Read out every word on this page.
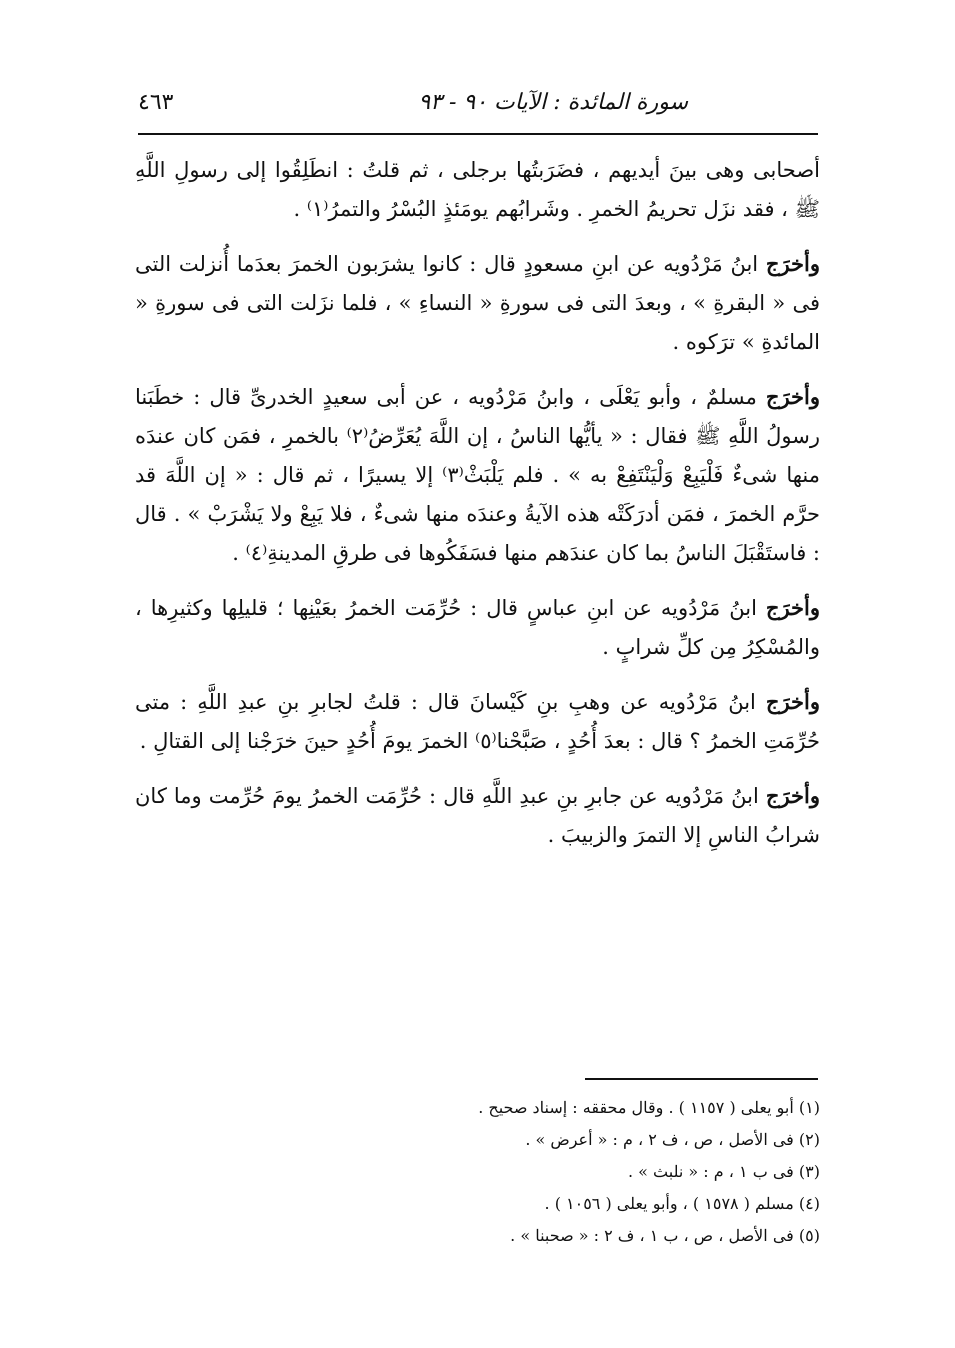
سورة المائدة : الآيات ٩٠ - ٩٣
٤٦٣

أصحابى وهى بينَ أيديهم ، فضَرَبتُها برجلى ، ثم قلتُ : انطَلِقُوا إلى رسولِ اللَّهِ ﷺ ، فقد نزَل تحريمُ الخمرِ . وشَرابُهم يومَئذٍ البُسْرُ والتمرُ⁽١⁾ .

وأخرَج ابنُ مَرْدُويه عن ابنِ مسعودٍ قال : كانوا يشرَبون الخمرَ بعدَما أُنزلت التى فى « البقرةِ » ، وبعدَ التى فى سورةِ « النساءِ » ، فلما نزَلت التى فى سورةِ « المائدةِ » ترَكوه .

وأخرَج مسلمٌ ، وأبو يَعْلَى ، وابنُ مَرْدُويه ، عن أبى سعيدٍ الخدرىِّ قال : خطَبَنا رسولُ اللَّهِ ﷺ فقال : « يأيُّها الناسُ ، إن اللَّهَ يُعَرِّضُ⁽٢⁾ بالخمرِ ، فمَن كان عندَه منها شىءٌ فَلْيَبِعْ وَلْيَنْتَفِعْ به » . فلم يَلْبَثْ⁽٣⁾ إلا يسيرًا ، ثم قال : « إن اللَّهَ قد حرَّم الخمرَ ، فمَن أدرَكَتْه هذه الآيةُ وعندَه منها شىءٌ ، فلا يَبِعْ ولا يَشْرَبْ » . قال : فاستَقْبَلَ الناسُ بما كان عندَهم منها فسَفَكُوها فى طرقِ المدينةِ⁽٤⁾ .

وأخرَج ابنُ مَرْدُويه عن ابنِ عباسٍ قال : حُرِّمَت الخمرُ بعَيْنِها ؛ قليلِها وكثيرِها ، والمُسْكِرُ مِن كلِّ شرابٍ .

وأخرَج ابنُ مَرْدُويه عن وهبِ بنِ كَيْسانَ قال : قلتُ لجابرِ بنِ عبدِ اللَّهِ : متى حُرِّمَتِ الخمرُ ؟ قال : بعدَ أُحُدٍ ، صَبَّحْنا⁽٥⁾ الخمرَ يومَ أُحُدٍ حينَ خرَجْنا إلى القتالِ .

وأخرَج ابنُ مَرْدُويه عن جابرِ بنِ عبدِ اللَّهِ قال : حُرِّمَت الخمرُ يومَ حُرِّمت وما كان شرابُ الناسِ إلا التمرَ والزبيبَ .

(١) أبو يعلى ( ١١٥٧ ) . وقال محققه : إسناد صحيح .

(٢) فى الأصل ، ص ، ف ٢ ، م : « أعرض » .

(٣) فى ب ١ ، م : « نلبث » .

(٤) مسلم ( ١٥٧٨ ) ، وأبو يعلى ( ١٠٥٦ ) .

(٥) فى الأصل ، ص ، ب ١ ، ف ٢ : « صحبنا » .
